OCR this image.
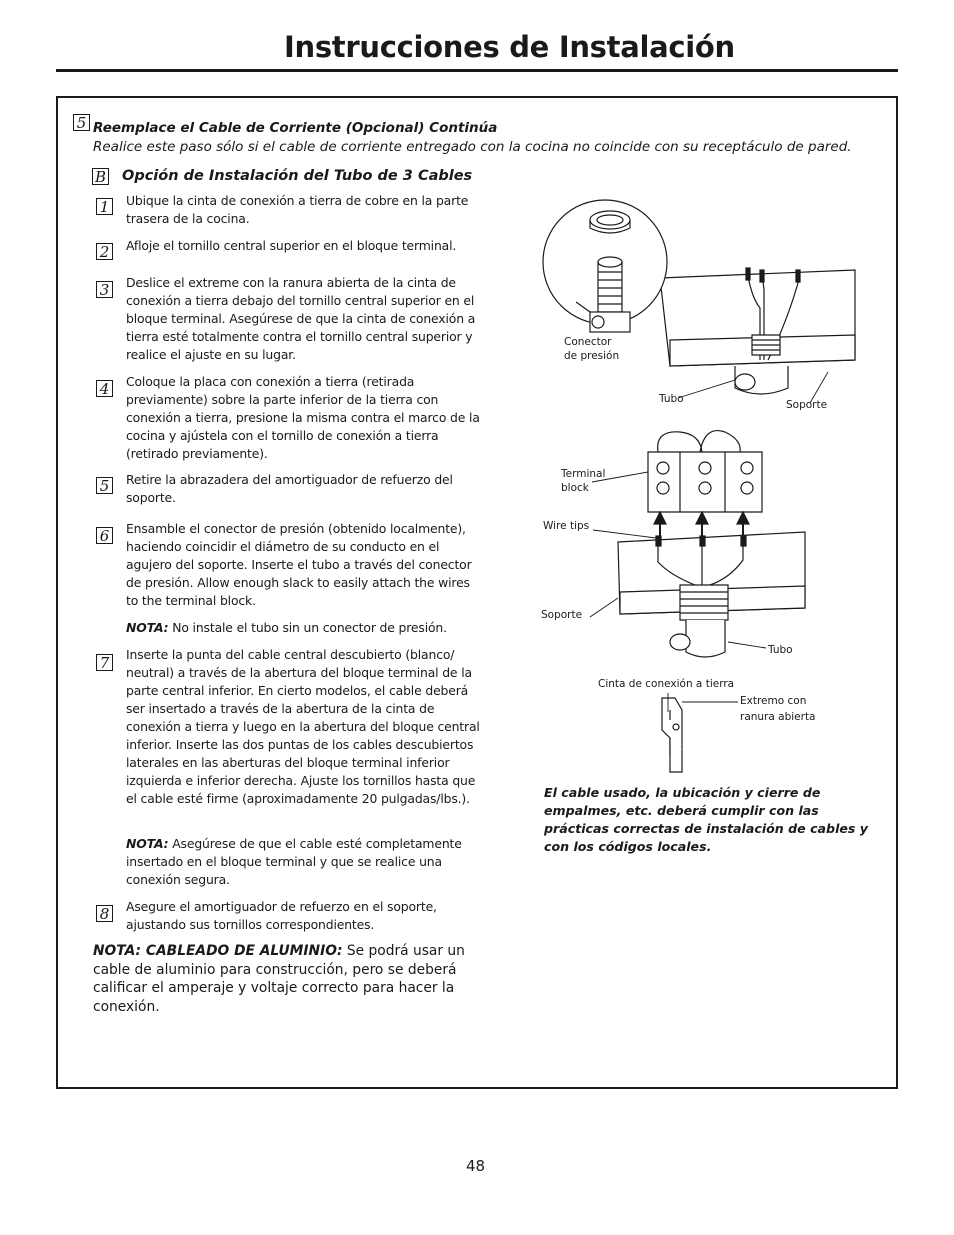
Instrucciones de Instalación
5 Reemplace el Cable de Corriente (Opcional) Continúa
Realice este paso sólo si el cable de corriente entregado con la cocina no coincide con su receptáculo de pared.
B Opción de Instalación del Tubo de 3 Cables
1	Ubique la cinta de conexión a tierra de cobre en la parte trasera de la cocina.
2	Afloje el tornillo central superior en el bloque terminal.
3	Deslice el extreme con la ranura abierta de la cinta de conexión a tierra debajo del tornillo central superior en el bloque terminal. Asegúrese de que la cinta de conexión a tierra esté totalmente contra el tornillo central superior y realice el ajuste en su lugar.
4	Coloque la placa con conexión a tierra (retirada previamente) sobre la parte inferior de la tierra con conexión a tierra, presione la misma contra el marco de la cocina y ajústela con el tornillo de conexión a tierra (retirado previamente).
5	Retire la abrazadera del amortiguador de refuerzo del soporte.
6	Ensamble el conector de presión (obtenido localmente), haciendo coincidir el diámetro de su conducto en el agujero del soporte. Inserte el tubo a través del conector de presión. Allow enough slack to easily attach the wires to the terminal block.
NOTA: No instale el tubo sin un conector de presión.
7	Inserte la punta del cable central descubierto (blanco/ neutral) a través de la abertura del bloque terminal de la parte central inferior. En cierto modelos, el cable deberá ser insertado a través de la abertura de la cinta de conexión a tierra y luego en la abertura del bloque central inferior. Inserte las dos puntas de los cables descubiertos laterales en las aberturas del bloque terminal inferior izquierda e inferior derecha. Ajuste los tornillos hasta que el cable esté firme (aproximadamente 20 pulgadas/lbs.).
NOTA: Asegúrese de que el cable esté completamente insertado en el bloque terminal y que se realice una conexión segura.
8	Asegure el amortiguador de refuerzo en el soporte, ajustando sus tornillos correspondientes.
NOTA: CABLEADO DE ALUMINIO: Se podrá usar un cable de aluminio para construcción, pero se deberá calificar el amperaje y voltaje correcto para hacer la conexión.
Conector
de presión
Tubo	Soporte
Terminal
block
Wire tips
Soporte
Tubo
Cinta de conexión a tierra
Extremo con
ranura abierta
El cable usado, la ubicación y cierre de empalmes, etc. deberá cumplir con las prácticas correctas de instalación de cables y con los códigos locales.
48
